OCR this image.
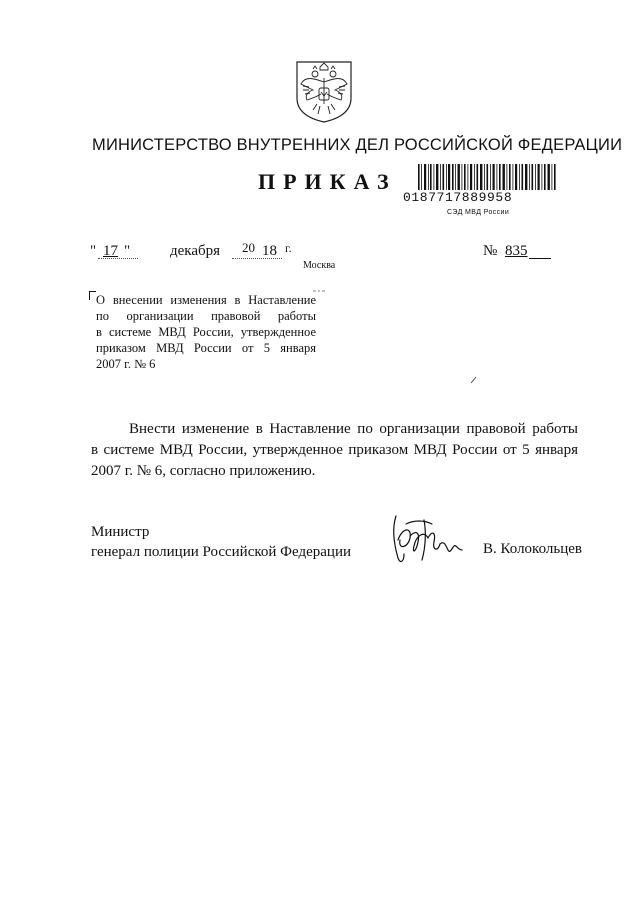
МИНИСТЕРСТВО ВНУТРЕННИХ ДЕЛ РОССИЙСКОЙ ФЕДЕРАЦИИ
ПРИКАЗ
0187717889958
СЭД МВД России
" 17 "	декабря 20 18 г.	№ 835
Москва
О внесении изменения в Наставление
по организации правовой работы
в системе МВД России, утвержденное
приказом МВД России от 5 января
2007 г. № 6
Внести изменение в Наставление по организации правовой работы
в системе МВД России, утвержденное приказом МВД России от 5 января
2007 г. № 6, согласно приложению.
Министр
генерал полиции Российской Федерации	В. Колокольцев
